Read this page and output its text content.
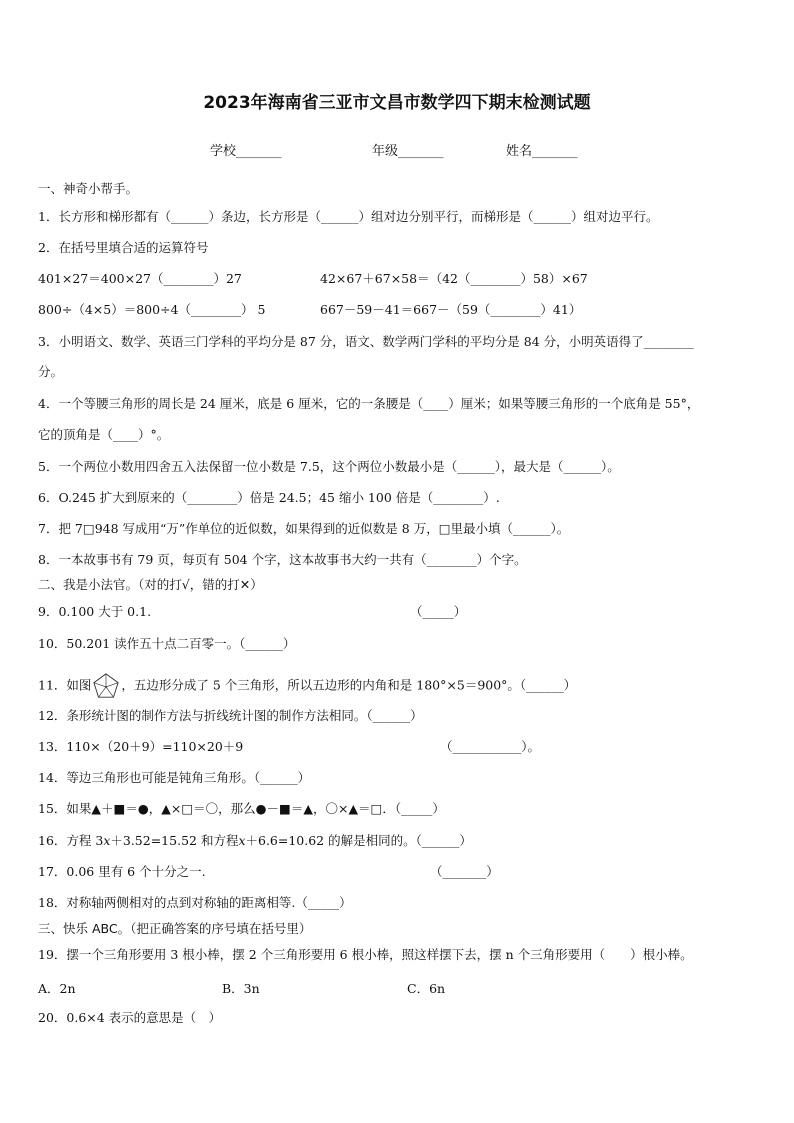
2023年海南省三亚市文昌市数学四下期末检测试题
学校_______	年级_______	姓名_______
一、神奇小帮手。
1．长方形和梯形都有（______）条边，长方形是（______）组对边分别平行，而梯形是（______）组对边平行。
2．在括号里填合适的运算符号
401×27＝400×27（________）27	42×67＋67×58＝（42（________）58）×67
800÷（4×5）＝800÷4（________） 5	667－59－41＝667－（59（________）41）
3．小明语文、数学、英语三门学科的平均分是 87 分，语文、数学两门学科的平均分是 84 分，小明英语得了________
分。
4．一个等腰三角形的周长是 24 厘米，底是 6 厘米，它的一条腰是（____）厘米；如果等腰三角形的一个底角是 55°，
它的顶角是（____）°。
5．一个两位小数用四舍五入法保留一位小数是 7.5，这个两位小数最小是（______），最大是（______）。
6．O.245 扩大到原来的（________）倍是 24.5；45 缩小 100 倍是（________）.
7．把 7□948 写成用“万”作单位的近似数，如果得到的近似数是 8 万，□里最小填（______）。
8．一本故事书有 79 页，每页有 504 个字，这本故事书大约一共有（________）个字。
二、我是小法官。（对的打√，错的打✕）
9．0.100 大于 0.1.	（_____）
10．50.201 读作五十点二百零一。（______）
11．如图 ，五边形分成了 5 个三角形，所以五边形的内角和是 180°×5＝900°。（______）
12．条形统计图的制作方法与折线统计图的制作方法相同。（______）
13．110×（20＋9）=110×20＋9	（___________）。
14．等边三角形也可能是钝角三角形。（______）
15．如果▲＋■＝●，▲×□＝〇，那么●－■＝▲，〇×▲＝□．（_____）
16．方程 3𝑥＋3.52=15.52 和方程𝑥＋6.6=10.62 的解是相同的。（______）
17．0.06 里有 6 个十分之一.	（_______）
18．对称轴两侧相对的点到对称轴的距离相等.（_____）
三、快乐 ABC。（把正确答案的序号填在括号里）
19．摆一个三角形要用 3 根小棒，摆 2 个三角形要用 6 根小棒，照这样摆下去，摆 n 个三角形要用（　　）根小棒。
A．2n	B．3n	C．6n
20．0.6×4 表示的意思是（　）
